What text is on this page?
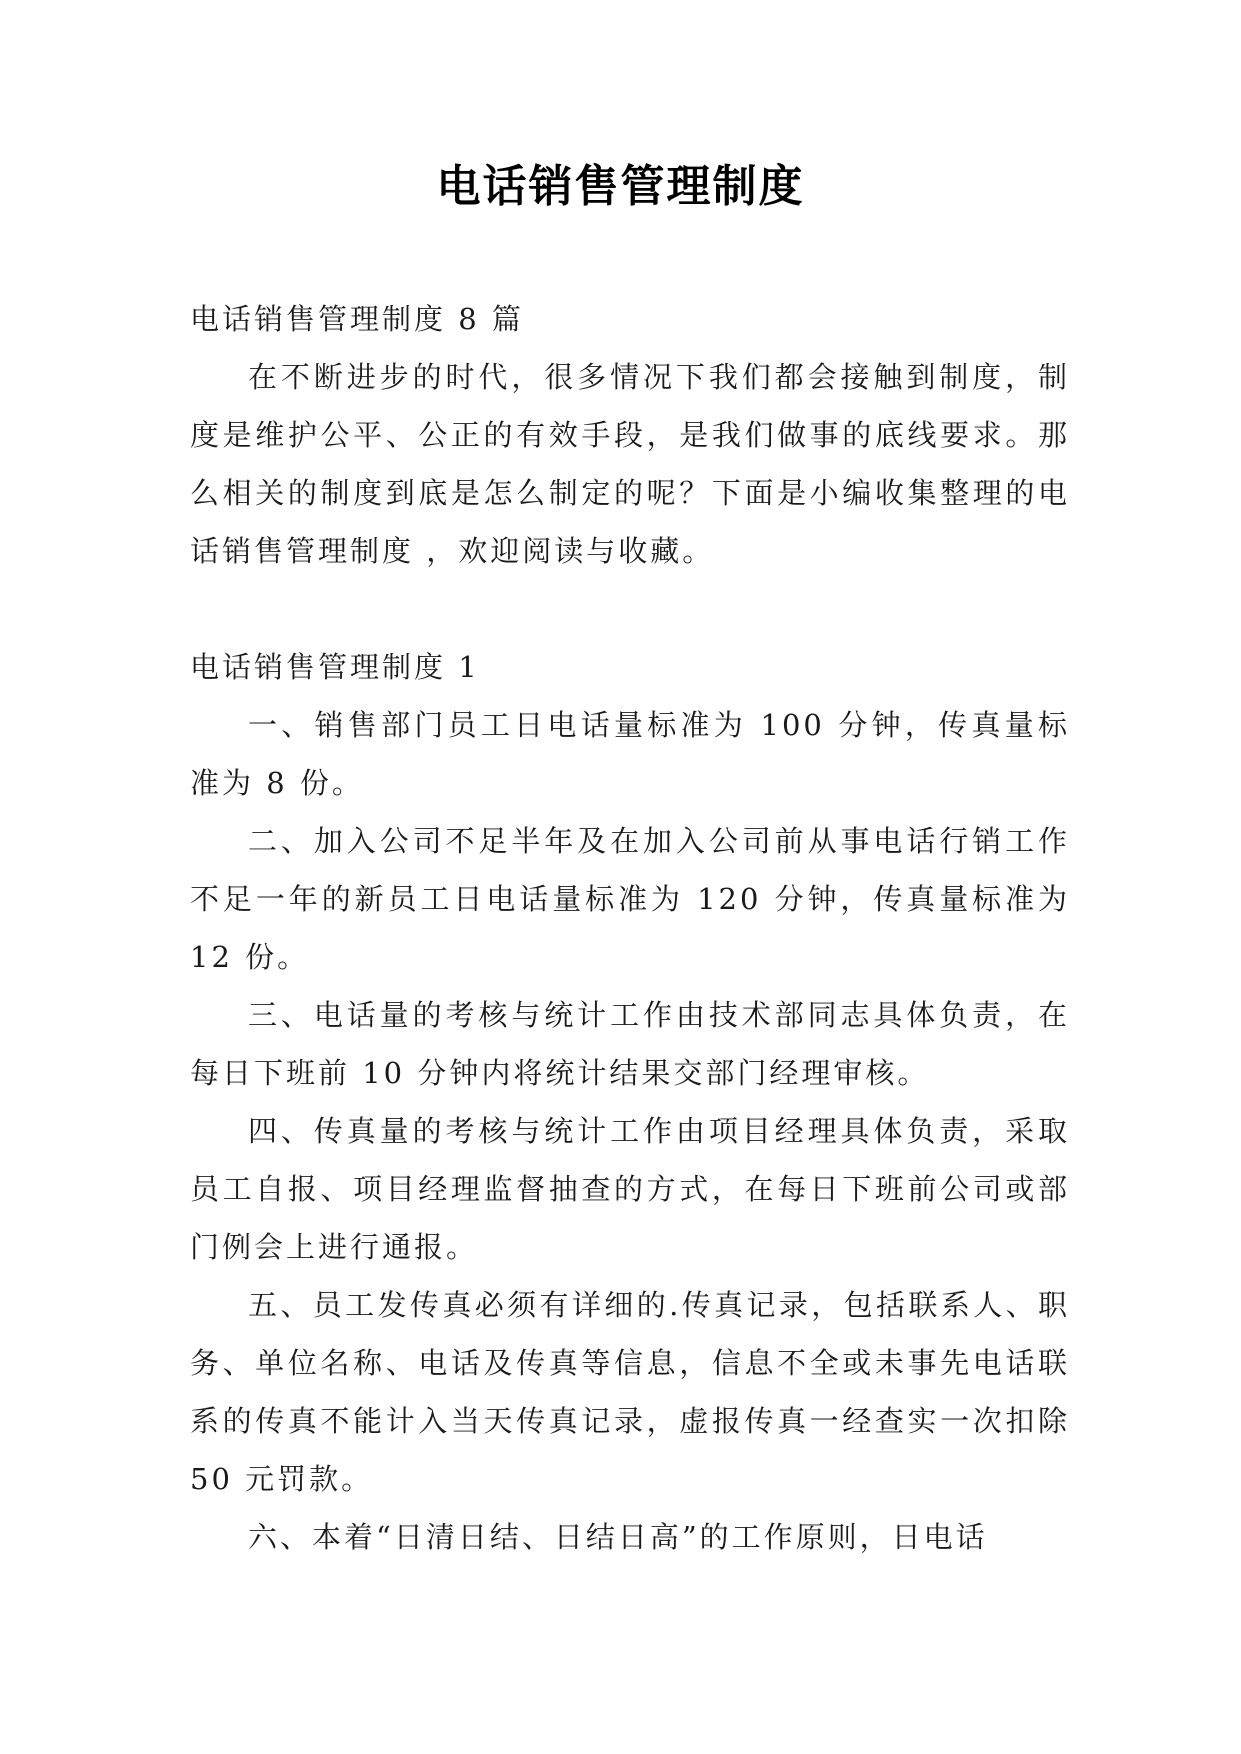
电话销售管理制度

电话销售管理制度 8 篇

在不断进步的时代，很多情况下我们都会接触到制度，制度是维护公平、公正的有效手段，是我们做事的底线要求。那么相关的制度到底是怎么制定的呢？下面是小编收集整理的电话销售管理制度 ，欢迎阅读与收藏。

电话销售管理制度 1

一、销售部门员工日电话量标准为 100 分钟，传真量标准为 8 份。

二、加入公司不足半年及在加入公司前从事电话行销工作不足一年的新员工日电话量标准为 120 分钟，传真量标准为 12 份。

三、电话量的考核与统计工作由技术部同志具体负责，在每日下班前 10 分钟内将统计结果交部门经理审核。

四、传真量的考核与统计工作由项目经理具体负责，采取员工自报、项目经理监督抽查的方式，在每日下班前公司或部门例会上进行通报。

五、员工发传真必须有详细的.传真记录，包括联系人、职务、单位名称、电话及传真等信息，信息不全或未事先电话联系的传真不能计入当天传真记录，虚报传真一经查实一次扣除 50 元罚款。

六、本着“日清日结、日结日高”的工作原则，日电话
